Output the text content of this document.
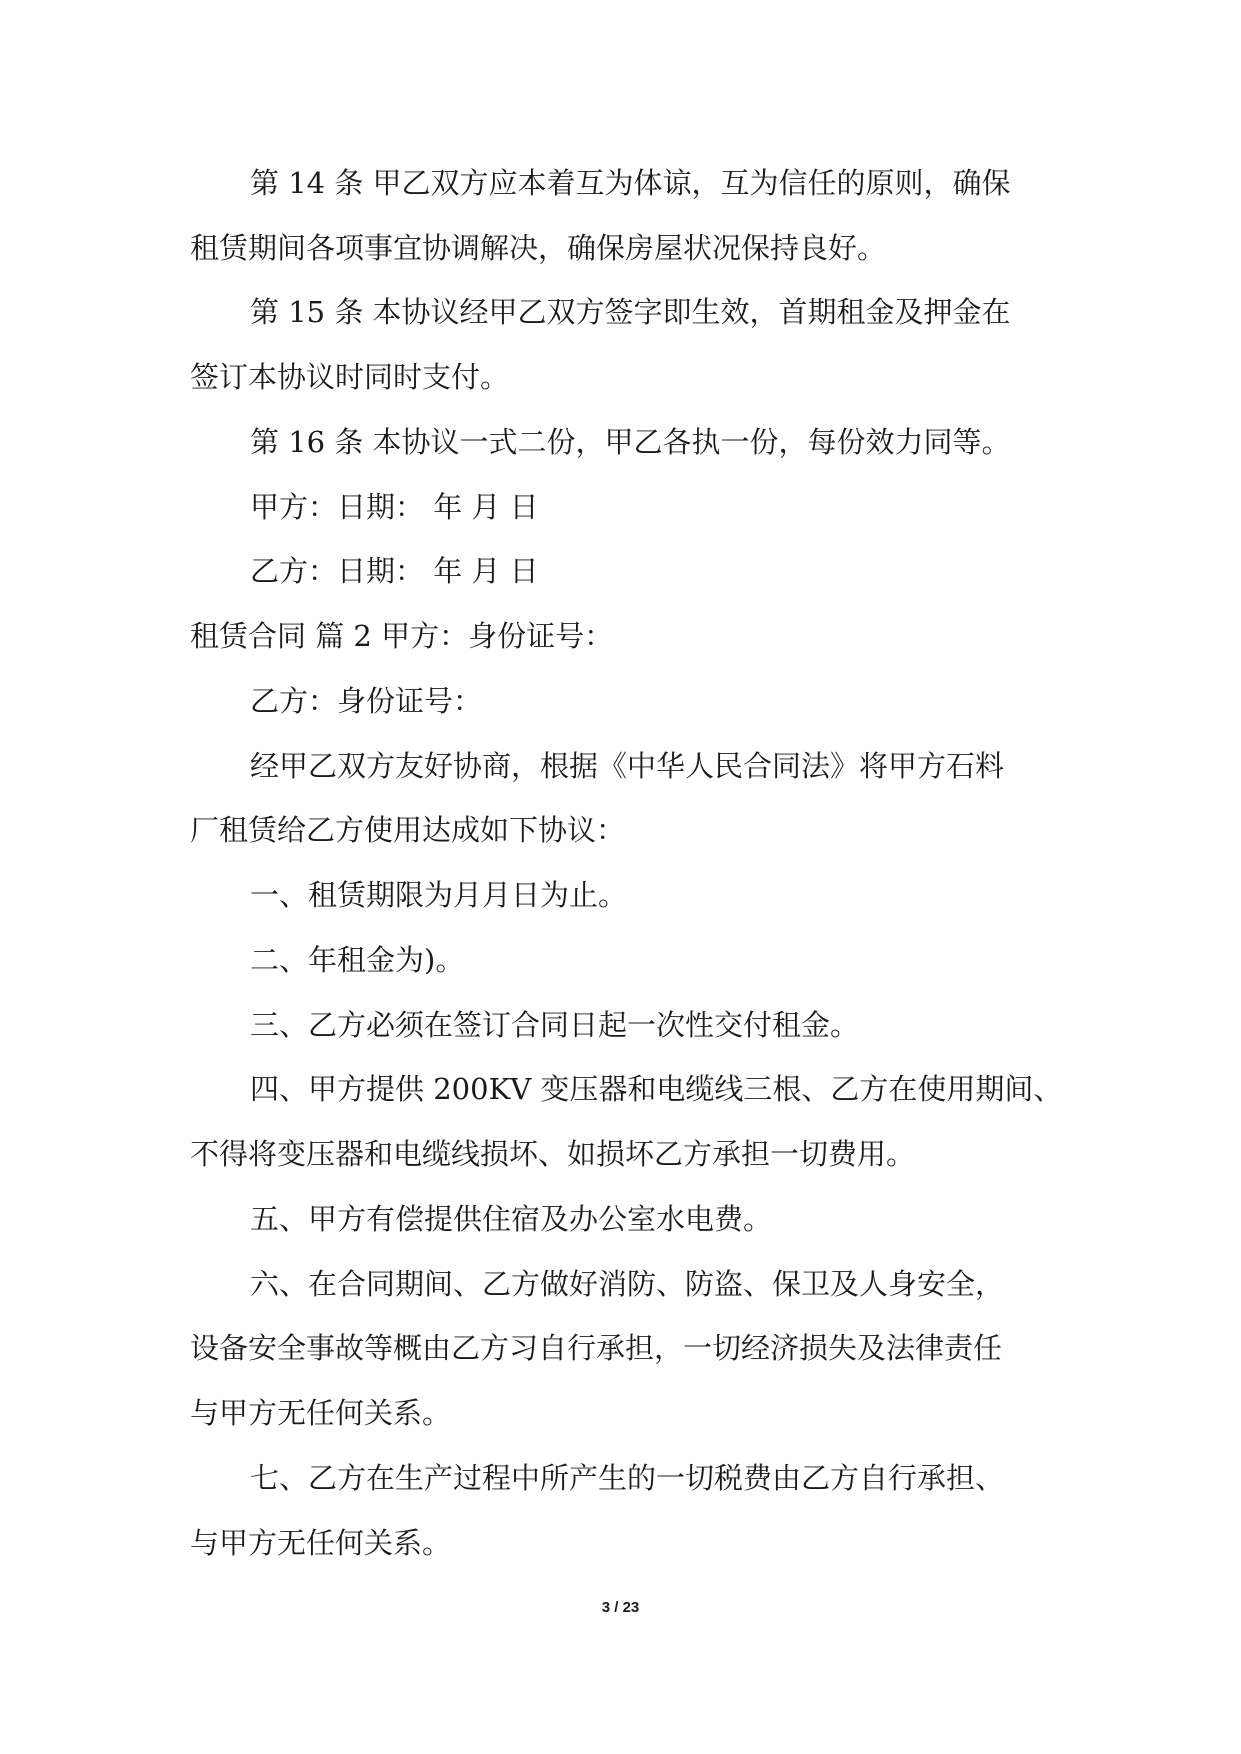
第 14 条 甲乙双方应本着互为体谅，互为信任的原则，确保

租赁期间各项事宜协调解决，确保房屋状况保持良好。

第 15 条 本协议经甲乙双方签字即生效，首期租金及押金在

签订本协议时同时支付。

第 16 条 本协议一式二份，甲乙各执一份，每份效力同等。

甲方：日期： 年 月 日

乙方：日期： 年 月 日

租赁合同 篇 2 甲方：身份证号：

乙方：身份证号：

经甲乙双方友好协商，根据《中华人民合同法》将甲方石料

厂租赁给乙方使用达成如下协议：

一、租赁期限为月月日为止。

二、年租金为)。

三、乙方必须在签订合同日起一次性交付租金。

四、甲方提供 200KV 变压器和电缆线三根、乙方在使用期间、

不得将变压器和电缆线损坏、如损坏乙方承担一切费用。

五、甲方有偿提供住宿及办公室水电费。

六、在合同期间、乙方做好消防、防盗、保卫及人身安全，

设备安全事故等概由乙方习自行承担，一切经济损失及法律责任

与甲方无任何关系。

七、乙方在生产过程中所产生的一切税费由乙方自行承担、

与甲方无任何关系。

3 / 23
